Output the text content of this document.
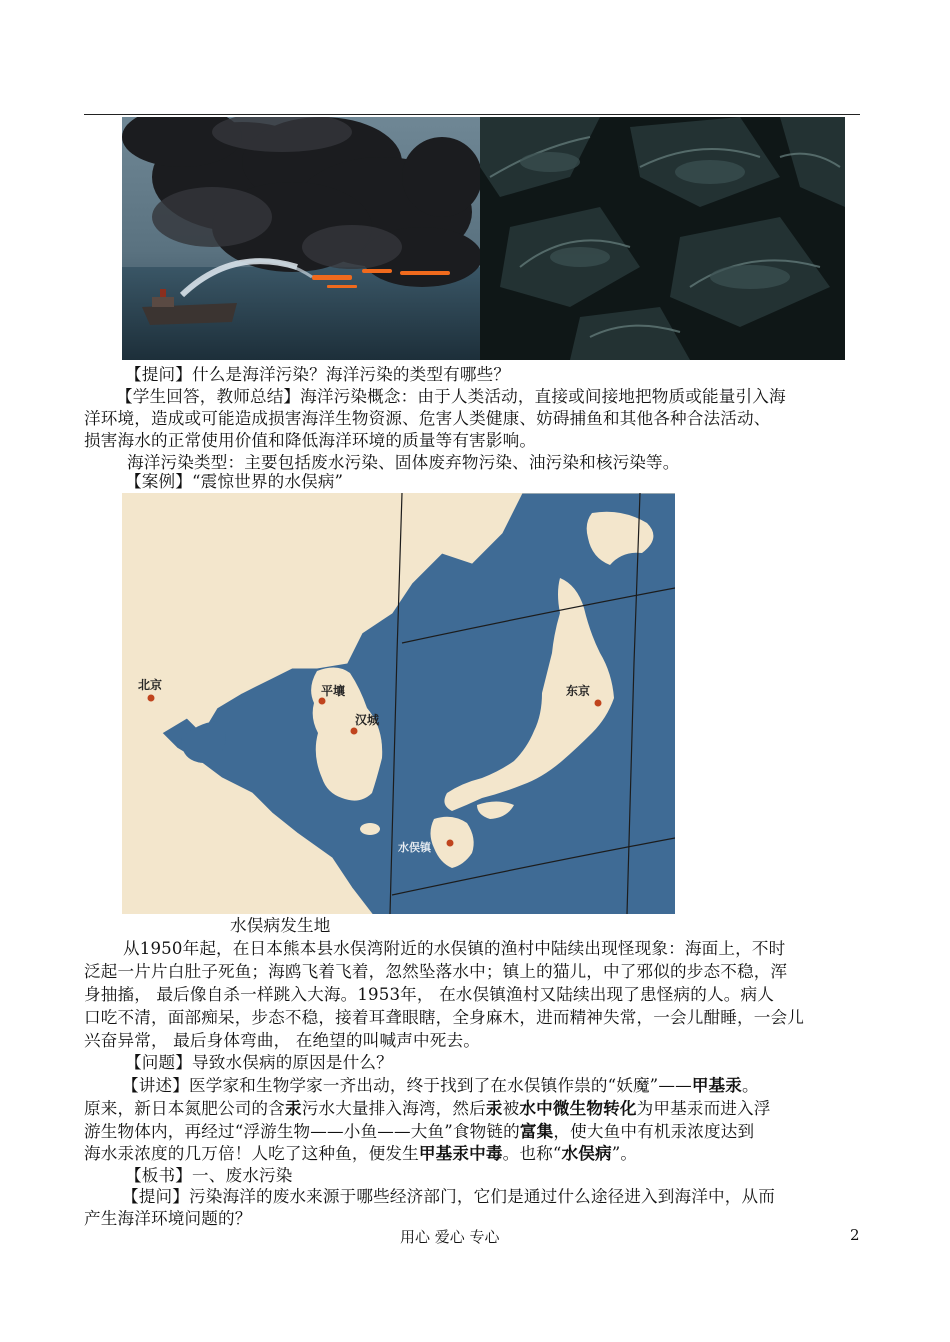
【提问】什么是海洋污染？海洋污染的类型有哪些？
【学生回答，教师总结】海洋污染概念：由于人类活动，直接或间接地把物质或能量引入海
洋环境，造成或可能造成损害海洋生物资源、危害人类健康、妨碍捕鱼和其他各种合法活动、
损害海水的正常使用价值和降低海洋环境的质量等有害影响。
海洋污染类型：主要包括废水污染、固体废弃物污染、油污染和核污染等。
【案例】“震惊世界的水俣病”
北京	平壤
汉城
东京
水俣镇
水俣病发生地
从1950年起，在日本熊本县水俣湾附近的水俣镇的渔村中陆续出现怪现象：海面上，不时
泛起一片片白肚子死鱼；海鸥飞着飞着，忽然坠落水中；镇上的猫儿，中了邪似的步态不稳，浑
身抽搐， 最后像自杀一样跳入大海。1953年， 在水俣镇渔村又陆续出现了患怪病的人。病人
口吃不清，面部痴呆，步态不稳，接着耳聋眼瞎，全身麻木，进而精神失常，一会儿酣睡，一会儿
兴奋异常， 最后身体弯曲， 在绝望的叫喊声中死去。
【问题】导致水俣病的原因是什么？
【讲述】医学家和生物学家一齐出动，终于找到了在水俣镇作祟的“妖魔”——甲基汞。
原来，新日本氮肥公司的含汞污水大量排入海湾，然后汞被水中微生物转化为甲基汞而进入浮
游生物体内，再经过“浮游生物——小鱼——大鱼”食物链的富集，使大鱼中有机汞浓度达到
海水汞浓度的几万倍！人吃了这种鱼，便发生甲基汞中毒。也称“水俣病”。
【板书】一、废水污染
【提问】污染海洋的废水来源于哪些经济部门，它们是通过什么途径进入到海洋中，从而
产生海洋环境问题的？
用心 爱心 专心	2
